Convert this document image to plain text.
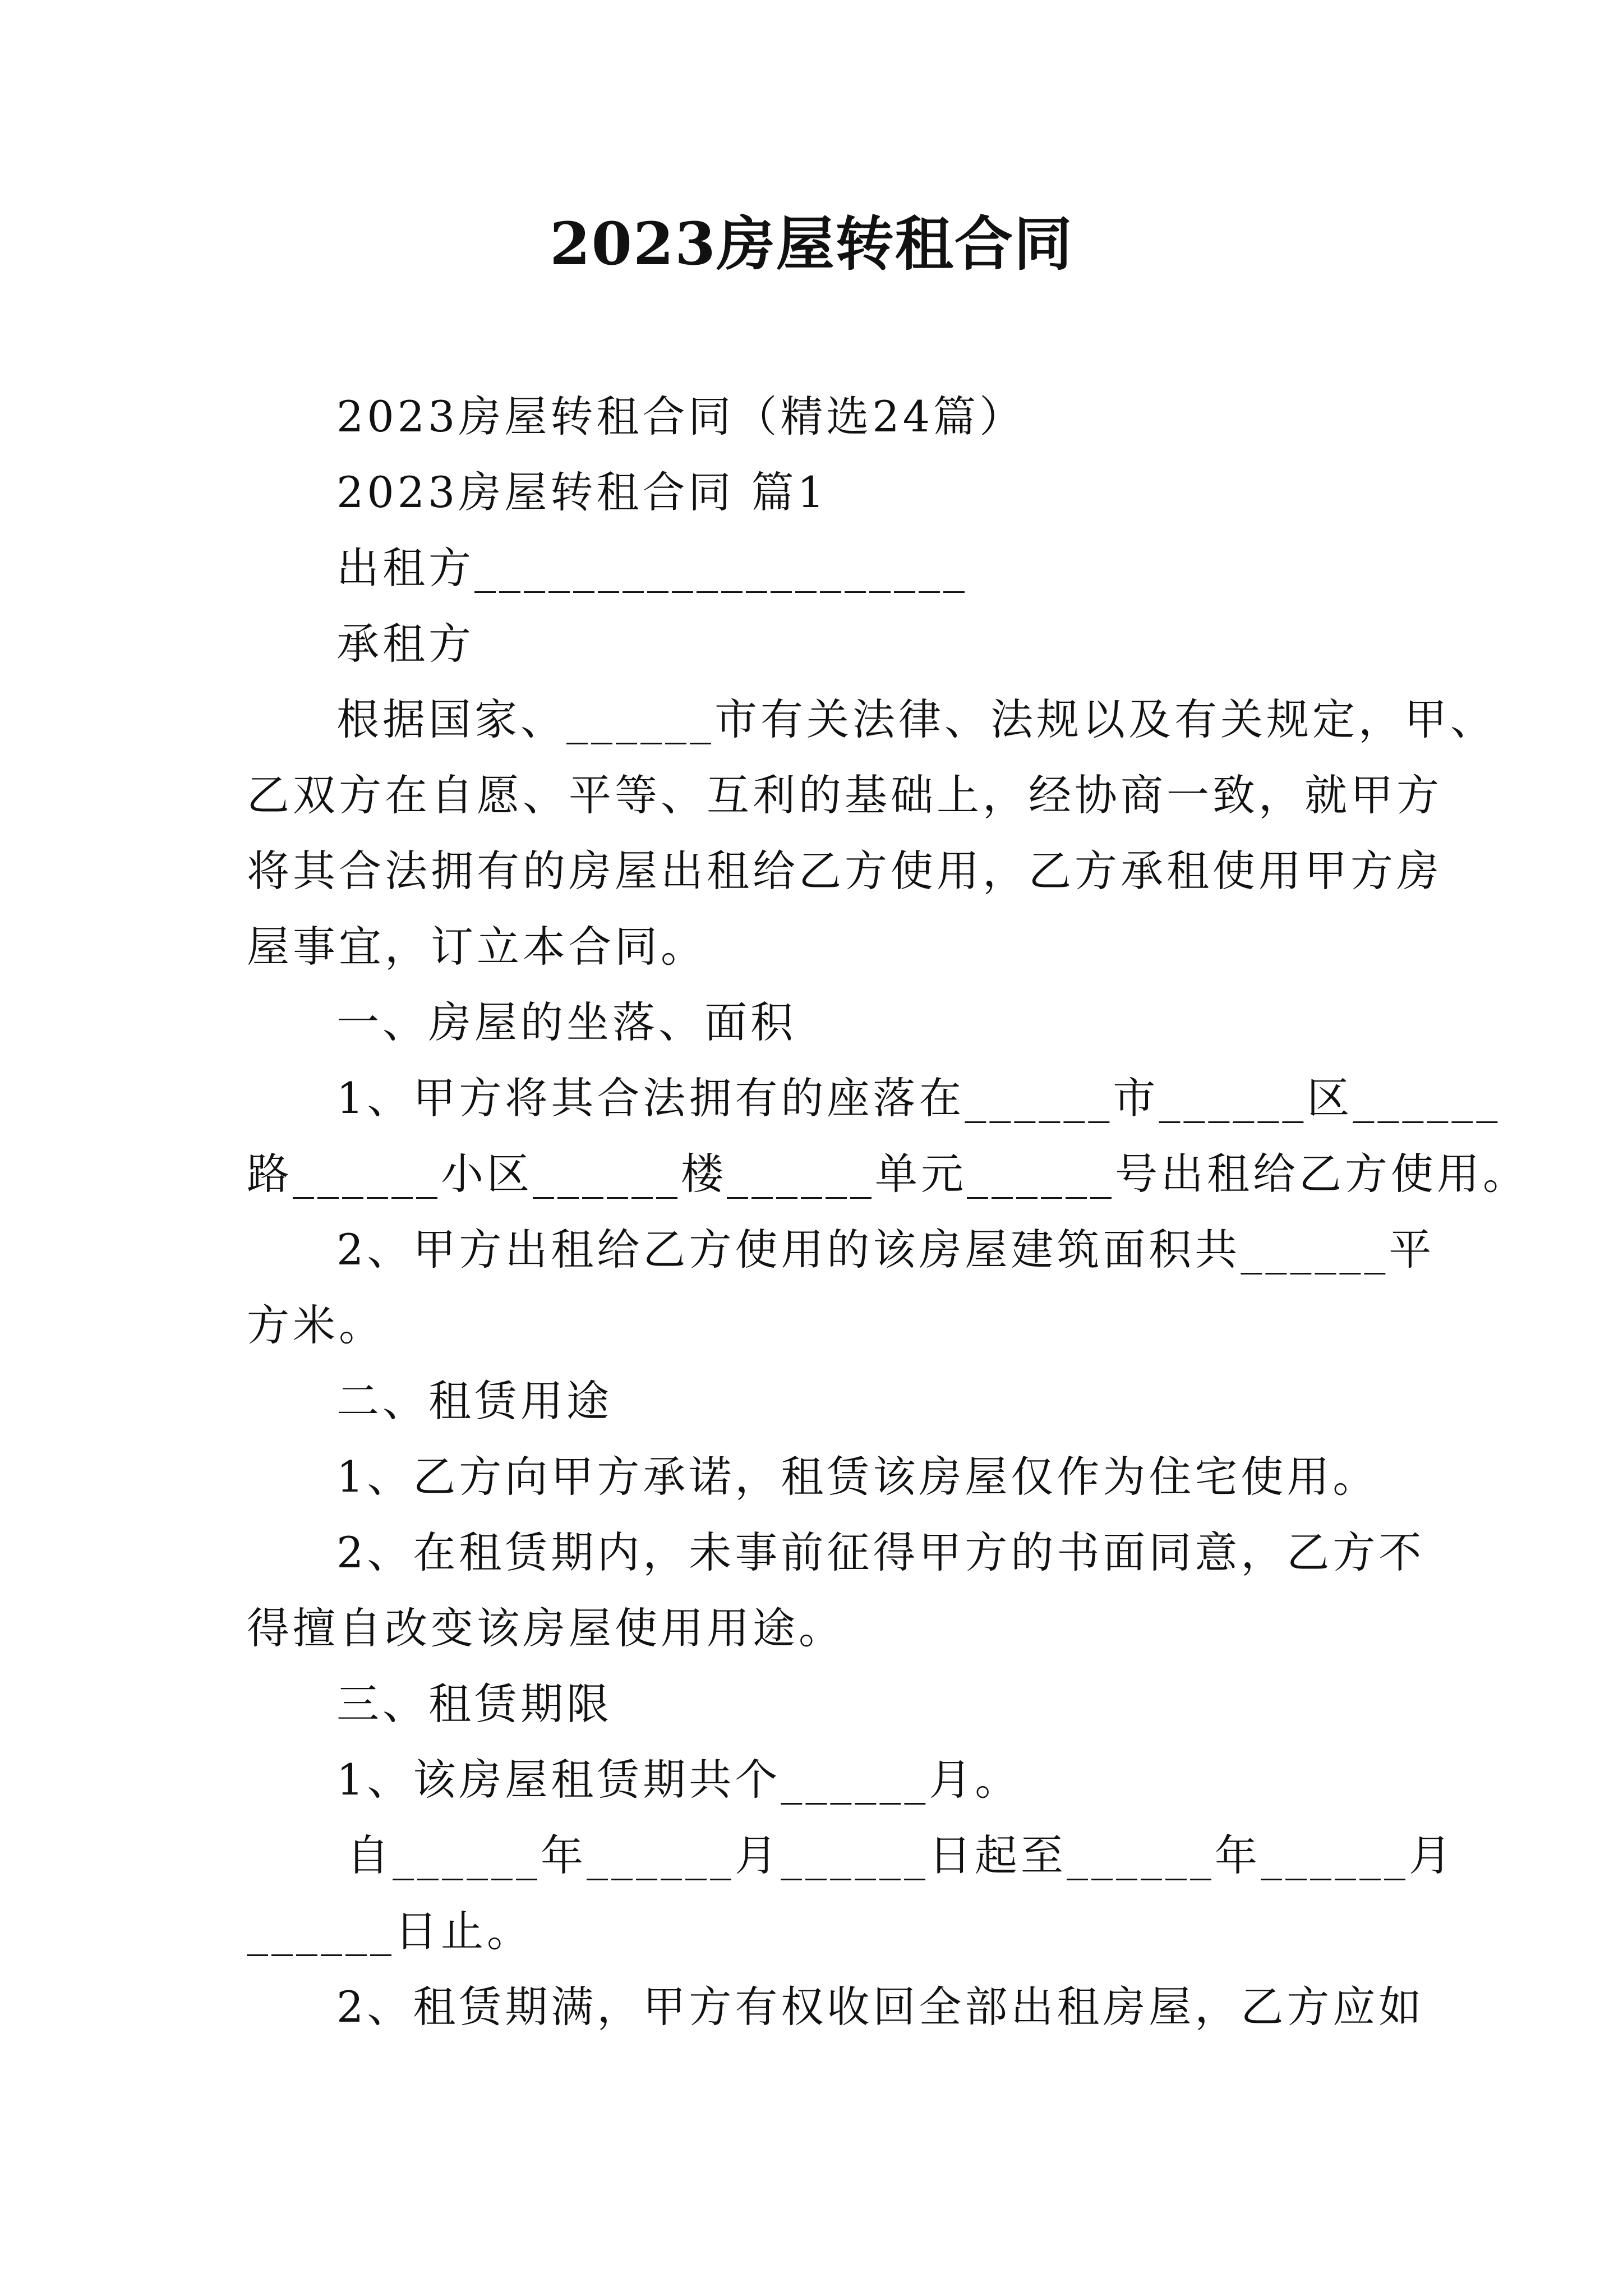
2023房屋转租合同
2023房屋转租合同（精选24篇）
2023房屋转租合同 篇1
出租方____________________
承租方
根据国家、______市有关法律、法规以及有关规定，甲、
乙双方在自愿、平等、互利的基础上，经协商一致，就甲方
将其合法拥有的房屋出租给乙方使用，乙方承租使用甲方房
屋事宜，订立本合同。
一、房屋的坐落、面积
1、甲方将其合法拥有的座落在______市______区______
路______小区______楼______单元______号出租给乙方使用。
2、甲方出租给乙方使用的该房屋建筑面积共______平
方米。
二、租赁用途
1、乙方向甲方承诺，租赁该房屋仅作为住宅使用。
2、在租赁期内，未事前征得甲方的书面同意，乙方不
得擅自改变该房屋使用用途。
三、租赁期限
1、该房屋租赁期共个______月。
自______年______月______日起至______年______月
______日止。
2、租赁期满，甲方有权收回全部出租房屋，乙方应如
